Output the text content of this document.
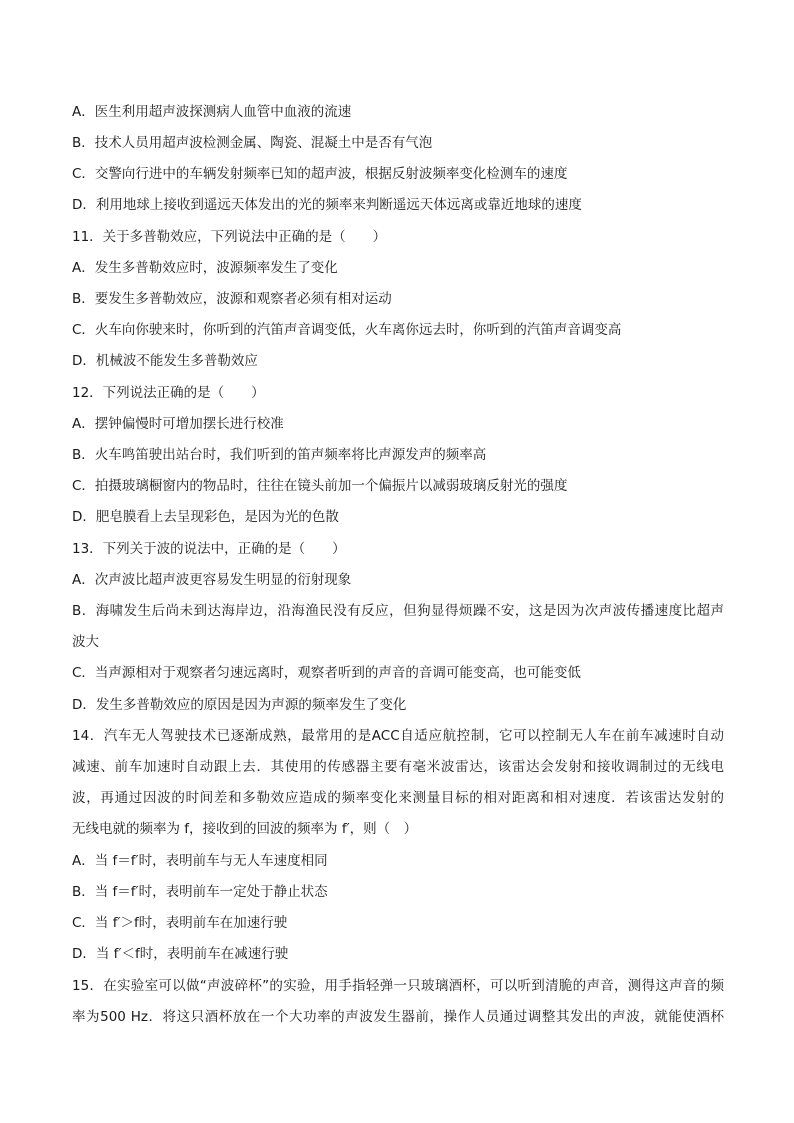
A．医生利用超声波探测病人血管中血液的流速
B．技术人员用超声波检测金属、陶瓷、混凝土中是否有气泡
C．交警向行进中的车辆发射频率已知的超声波，根据反射波频率变化检测车的速度
D．利用地球上接收到遥远天体发出的光的频率来判断遥远天体远离或靠近地球的速度
11．关于多普勒效应，下列说法中正确的是（　　）
A．发生多普勒效应时，波源频率发生了变化
B．要发生多普勒效应，波源和观察者必须有相对运动
C．火车向你驶来时，你听到的汽笛声音调变低，火车离你远去时，你听到的汽笛声音调变高
D．机械波不能发生多普勒效应
12．下列说法正确的是（　　）
A．摆钟偏慢时可增加摆长进行校准
B．火车鸣笛驶出站台时，我们听到的笛声频率将比声源发声的频率高
C．拍摄玻璃橱窗内的物品时，往往在镜头前加一个偏振片以减弱玻璃反射光的强度
D．肥皂膜看上去呈现彩色，是因为光的色散
13．下列关于波的说法中，正确的是（　　）
A．次声波比超声波更容易发生明显的衍射现象
B．海啸发生后尚未到达海岸边，沿海渔民没有反应，但狗显得烦躁不安，这是因为次声波传播速度比超声
波大
C．当声源相对于观察者匀速远离时，观察者听到的声音的音调可能变高，也可能变低
D．发生多普勒效应的原因是因为声源的频率发生了变化
14．汽车无人驾驶技术已逐渐成熟，最常用的是ACC自适应航控制，它可以控制无人车在前车减速时自动
减速、前车加速时自动跟上去．其使用的传感器主要有毫米波雷达，该雷达会发射和接收调制过的无线电
波，再通过因波的时间差和多勒效应造成的频率变化来测量目标的相对距离和相对速度．若该雷达发射的
无线电就的频率为 f，接收到的回波的频率为 f′，则（　）
A．当 f＝f′时，表明前车与无人车速度相同
B．当 f＝f′时，表明前车一定处于静止状态
C．当 f′＞f时，表明前车在加速行驶
D．当 f′＜f时，表明前车在减速行驶
15．在实验室可以做“声波碎杯”的实验，用手指轻弹一只玻璃酒杯，可以听到清脆的声音，测得这声音的频
率为500 Hz．将这只酒杯放在一个大功率的声波发生器前，操作人员通过调整其发出的声波，就能使酒杯
